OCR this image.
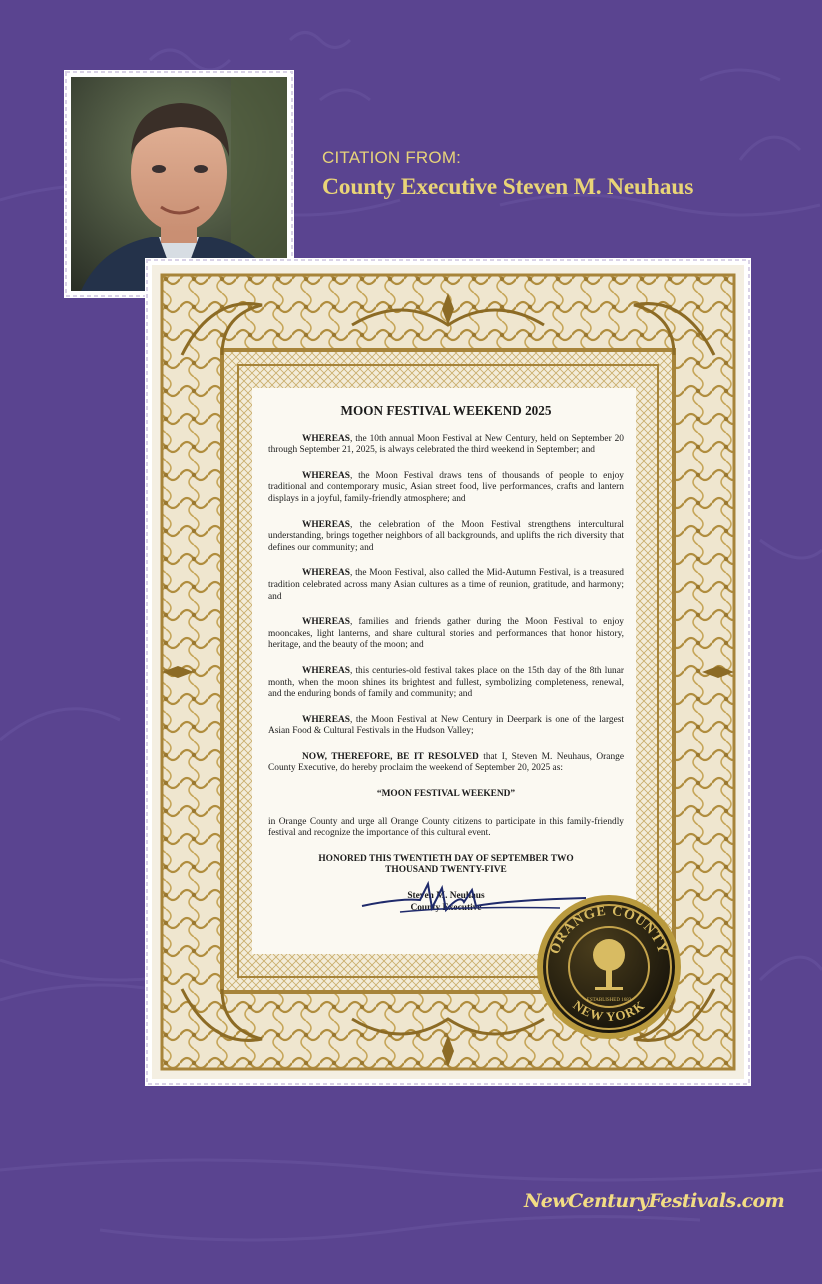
CITATION FROM:
County Executive Steven M. Neuhaus
MOON FESTIVAL WEEKEND 2025

WHEREAS, the 10th annual Moon Festival at New Century, held on September 20 through September 21, 2025, is always celebrated the third weekend in September; and

WHEREAS, the Moon Festival draws tens of thousands of people to enjoy traditional and contemporary music, Asian street food, live performances, crafts and lantern displays in a joyful, family-friendly atmosphere; and

WHEREAS, the celebration of the Moon Festival strengthens intercultural understanding, brings together neighbors of all backgrounds, and uplifts the rich diversity that defines our community; and

WHEREAS, the Moon Festival, also called the Mid-Autumn Festival, is a treasured tradition celebrated across many Asian cultures as a time of reunion, gratitude, and harmony; and

WHEREAS, families and friends gather during the Moon Festival to enjoy mooncakes, light lanterns, and share cultural stories and performances that honor history, heritage, and the beauty of the moon; and

WHEREAS, this centuries-old festival takes place on the 15th day of the 8th lunar month, when the moon shines its brightest and fullest, symbolizing completeness, renewal, and the enduring bonds of family and community; and

WHEREAS, the Moon Festival at New Century in Deerpark is one of the largest Asian Food & Cultural Festivals in the Hudson Valley;

NOW, THEREFORE, BE IT RESOLVED that I, Steven M. Neuhaus, Orange County Executive, do hereby proclaim the weekend of September 20, 2025 as:

“MOON FESTIVAL WEEKEND”

in Orange County and urge all Orange County citizens to participate in this family-friendly festival and recognize the importance of this cultural event.

HONORED THIS TWENTIETH DAY OF SEPTEMBER TWO

THOUSAND TWENTY-FIVE

Steven M. Neuhaus
County Executive
ORANGE COUNTY
NEW YORK
ESTABLISHED 1683
NewCenturyFestivals.com
